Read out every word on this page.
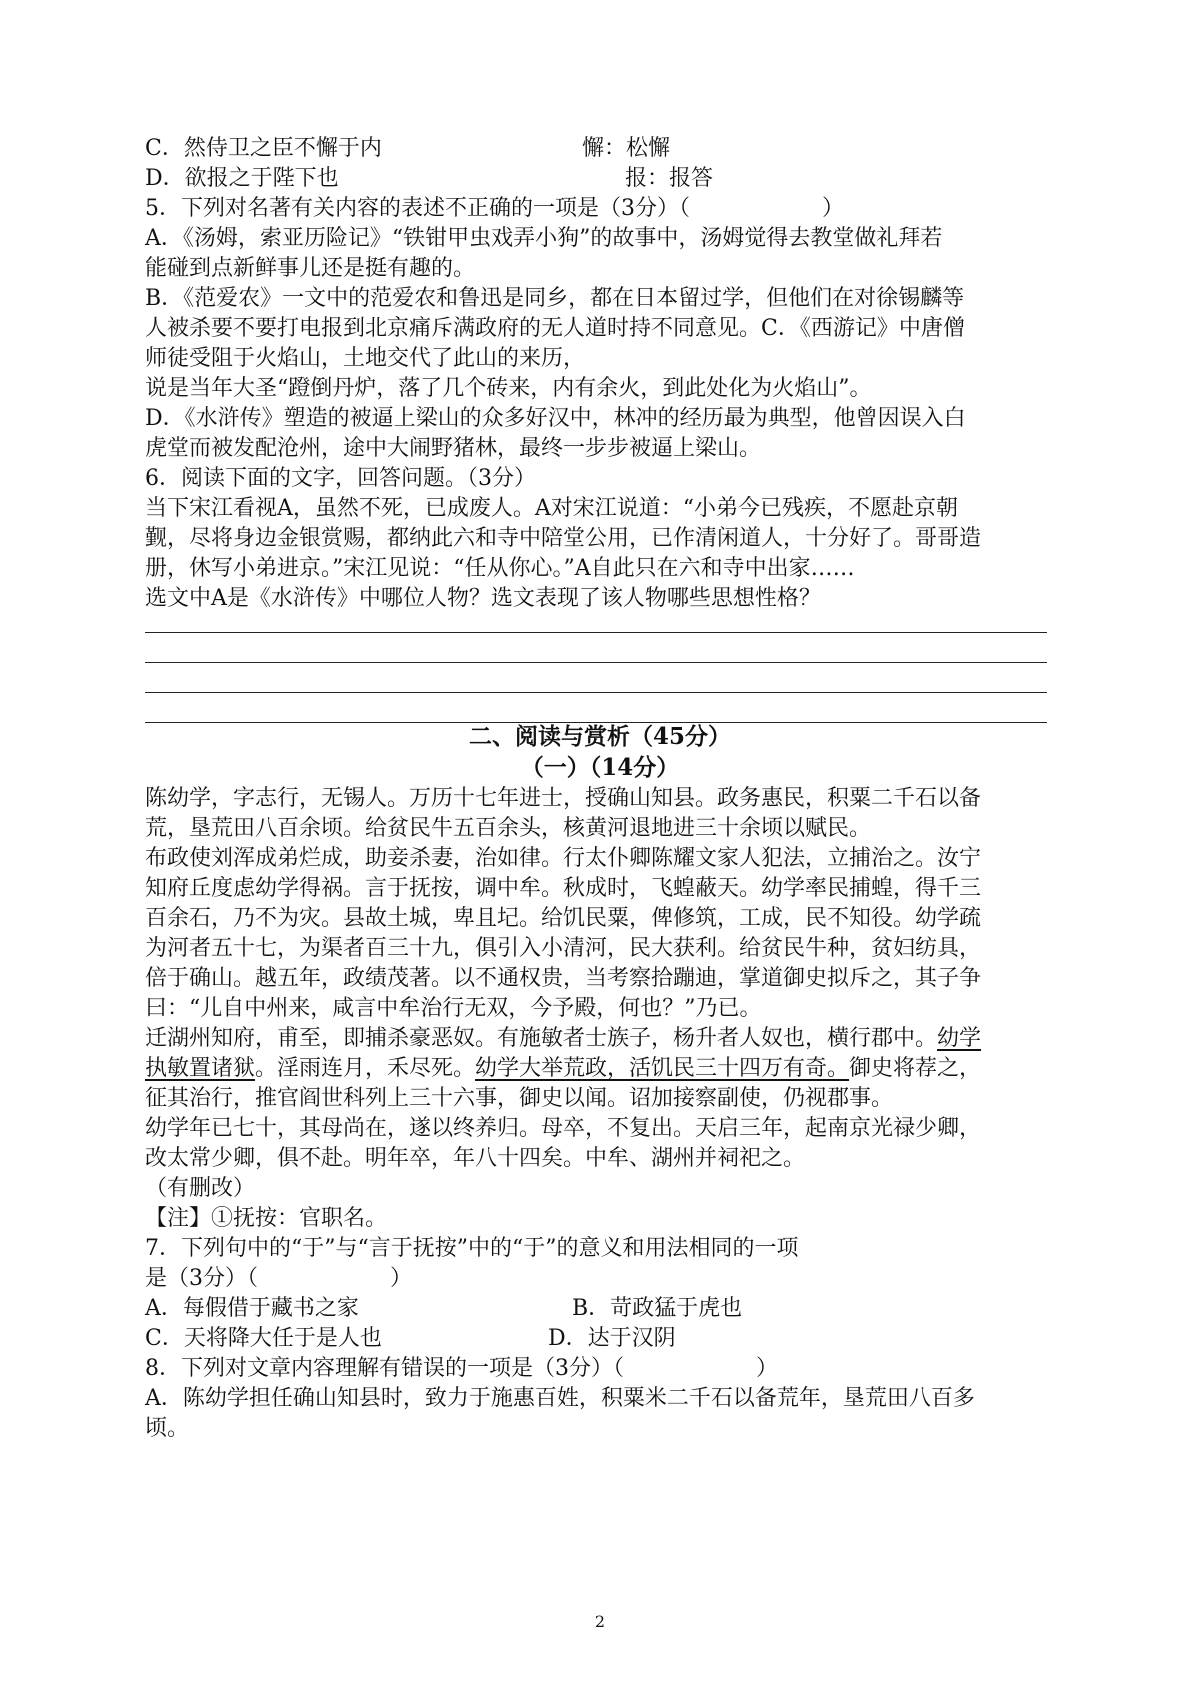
C．然侍卫之臣不懈于内	懈：松懈
D．欲报之于陛下也	报：报答
5．下列对名著有关内容的表述不正确的一项是（3分）（　　　　　　）
A．《汤姆，索亚历险记》“铁钳甲虫戏弄小狗”的故事中，汤姆觉得去教堂做礼拜若
能碰到点新鲜事儿还是挺有趣的。
B．《范爱农》一文中的范爱农和鲁迅是同乡，都在日本留过学，但他们在对徐锡麟等
人被杀要不要打电报到北京痛斥满政府的无人道时持不同意见。C．《西游记》中唐僧
师徒受阻于火焰山，土地交代了此山的来历，
说是当年大圣“蹬倒丹炉，落了几个砖来，内有余火，到此处化为火焰山”。
D．《水浒传》塑造的被逼上梁山的众多好汉中，林冲的经历最为典型，他曾因误入白
虎堂而被发配沧州，途中大闹野猪林，最终一步步被逼上梁山。
6．阅读下面的文字，回答问题。（3分）
当下宋江看视A，虽然不死，已成废人。A对宋江说道：“小弟今已残疾，不愿赴京朝
觐，尽将身边金银赏赐，都纳此六和寺中陪堂公用，已作清闲道人，十分好了。哥哥造
册，休写小弟进京。”宋江见说：“任从你心。”A自此只在六和寺中出家……
选文中A是《水浒传》中哪位人物？选文表现了该人物哪些思想性格？
二、阅读与赏析（45分）
（一）（14分）
陈幼学，字志行，无锡人。万历十七年进士，授确山知县。政务惠民，积粟二千石以备
荒，垦荒田八百余顷。给贫民牛五百余头，核黄河退地进三十余顷以赋民。
布政使刘浑成弟烂成，助妾杀妻，治如律。行太仆卿陈耀文家人犯法，立捕治之。汝宁
知府丘度虑幼学得祸。言于抚按，调中牟。秋成时，飞蝗蔽天。幼学率民捕蝗，得千三
百余石，乃不为灾。县故土城，卑且圮。给饥民粟，俾修筑，工成，民不知役。幼学疏
为河者五十七，为渠者百三十九，俱引入小清河，民大获利。给贫民牛种，贫妇纺具，
倍于确山。越五年，政绩茂著。以不通权贵，当考察拾蹦迪，掌道御史拟斥之，其子争
曰：“儿自中州来，咸言中牟治行无双，今予殿，何也？”乃已。
迁湖州知府，甫至，即捕杀豪恶奴。有施敏者士族子，杨升者人奴也，横行郡中。幼学
执敏置诸狱。淫雨连月，禾尽死。幼学大举荒政，活饥民三十四万有奇。御史将荐之，
征其治行，推官阎世科列上三十六事，御史以闻。诏加接察副使，仍视郡事。
幼学年已七十，其母尚在，遂以终养归。母卒，不复出。天启三年，起南京光禄少卿，
改太常少卿，俱不赴。明年卒，年八十四矣。中牟、湖州并祠祀之。
（有删改）
【注】①抚按：官职名。
7．下列句中的“于”与“言于抚按”中的“于”的意义和用法相同的一项
是（3分）（　　　　　　）
A．每假借于藏书之家	B．苛政猛于虎也
C．天将降大任于是人也	D．达于汉阴
8．下列对文章内容理解有错误的一项是（3分）（　　　　　　）
A．陈幼学担任确山知县时，致力于施惠百姓，积粟米二千石以备荒年，垦荒田八百多
顷。
2
